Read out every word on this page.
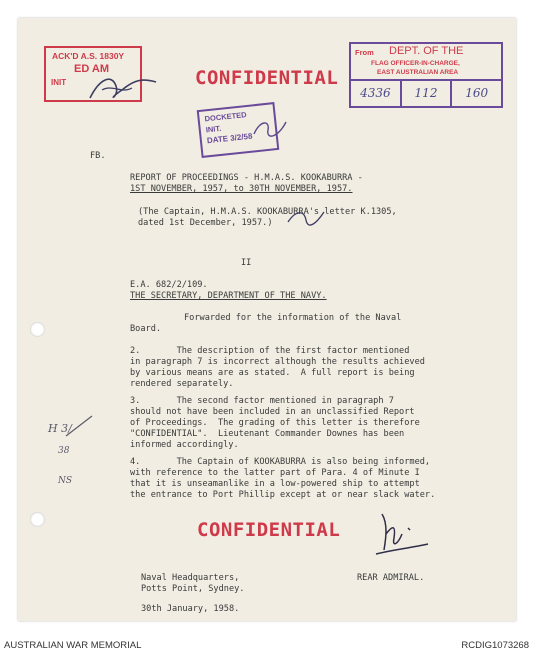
ACK'D A.S. 1830Y
ED AM
INIT	CONFIDENTIAL
From DEPT. OF THE
FLAG OFFICER-IN-CHARGE,
EAST AUSTRALIAN AREA
4336	112	160
DOCKETED
INIT.
DATE 3/2/58
FB.
REPORT OF PROCEEDINGS - H.M.A.S. KOOKABURRA -
1ST NOVEMBER, 1957, to 30TH NOVEMBER, 1957.
(The Captain, H.M.A.S. KOOKABURRA's letter K.1305,
dated 1st December, 1957.)
II
E.A. 682/2/109.
THE SECRETARY, DEPARTMENT OF THE NAVY.
Forwarded for the information of the Naval
Board.
2.       The description of the first factor mentioned
in paragraph 7 is incorrect although the results achieved
by various means are as stated.  A full report is being
rendered separately.
3.       The second factor mentioned in paragraph 7
should not have been included in an unclassified Report
of Proceedings.  The grading of this letter is therefore
"CONFIDENTIAL".  Lieutenant Commander Downes has been
informed accordingly.
4.       The Captain of KOOKABURRA is also being informed,
with reference to the latter part of Para. 4 of Minute I
that it is unseamanlike in a low-powered ship to attempt
the entrance to Port Phillip except at or near slack water.
H 3/
38
NS
CONFIDENTIAL
Naval Headquarters,
Potts Point, Sydney.
REAR ADMIRAL.
30th January, 1958.
AUSTRALIAN WAR MEMORIAL	RCDIG1073268
